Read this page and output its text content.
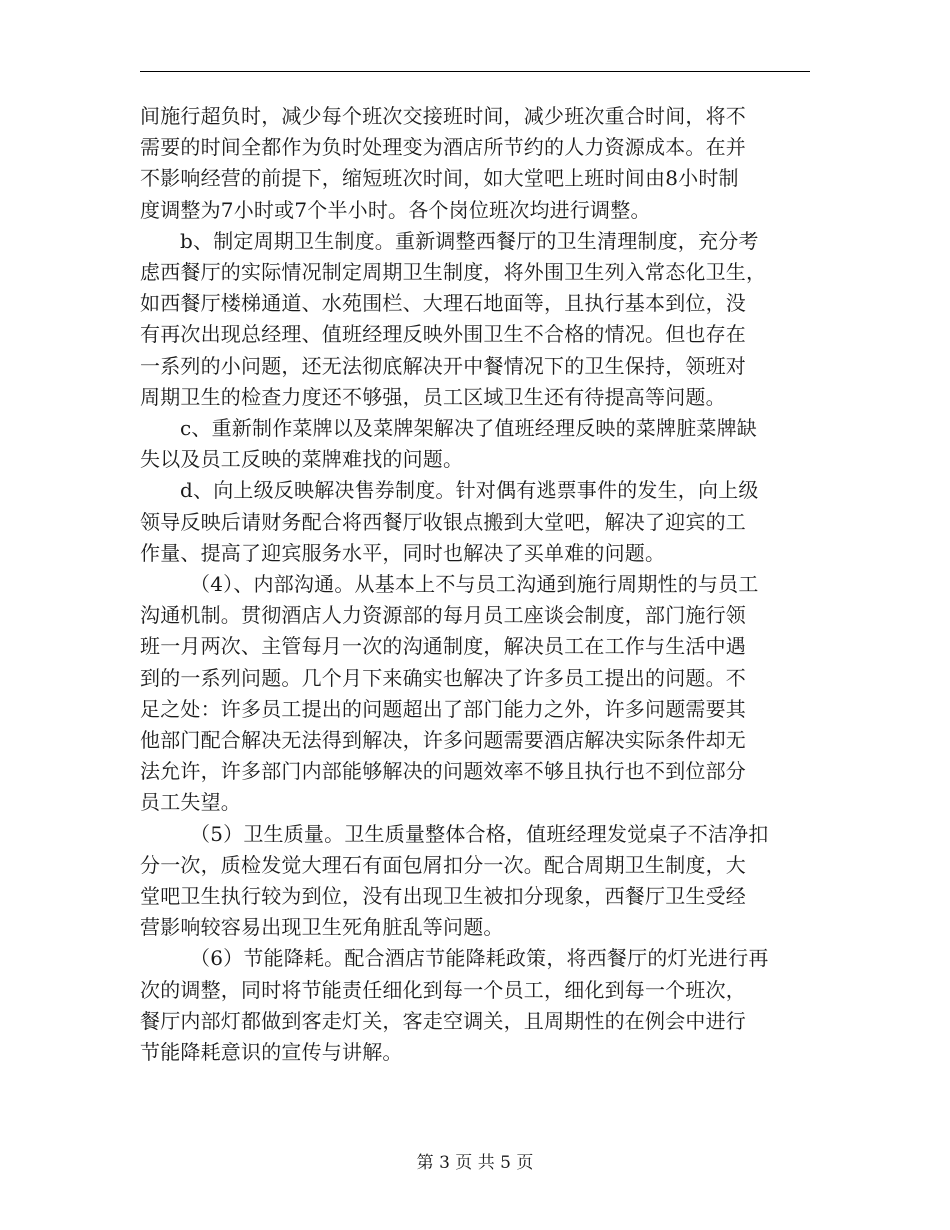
间施行超负时，减少每个班次交接班时间，减少班次重合时间，将不
需要的时间全都作为负时处理变为酒店所节约的人力资源成本。在并
不影响经营的前提下，缩短班次时间，如大堂吧上班时间由8小时制
度调整为7小时或7个半小时。各个岗位班次均进行调整。

b、制定周期卫生制度。重新调整西餐厅的卫生清理制度，充分考
虑西餐厅的实际情况制定周期卫生制度，将外围卫生列入常态化卫生，
如西餐厅楼梯通道、水苑围栏、大理石地面等，且执行基本到位，没
有再次出现总经理、值班经理反映外围卫生不合格的情况。但也存在
一系列的小问题，还无法彻底解决开中餐情况下的卫生保持，领班对
周期卫生的检查力度还不够强，员工区域卫生还有待提高等问题。

c、重新制作菜牌以及菜牌架解决了值班经理反映的菜牌脏菜牌缺
失以及员工反映的菜牌难找的问题。

d、向上级反映解决售券制度。针对偶有逃票事件的发生，向上级
领导反映后请财务配合将西餐厅收银点搬到大堂吧，解决了迎宾的工
作量、提高了迎宾服务水平，同时也解决了买单难的问题。

（4）、内部沟通。从基本上不与员工沟通到施行周期性的与员工
沟通机制。贯彻酒店人力资源部的每月员工座谈会制度，部门施行领
班一月两次、主管每月一次的沟通制度，解决员工在工作与生活中遇
到的一系列问题。几个月下来确实也解决了许多员工提出的问题。不
足之处：许多员工提出的问题超出了部门能力之外，许多问题需要其
他部门配合解决无法得到解决，许多问题需要酒店解决实际条件却无
法允许，许多部门内部能够解决的问题效率不够且执行也不到位部分
员工失望。

（5）卫生质量。卫生质量整体合格，值班经理发觉桌子不洁净扣
分一次，质检发觉大理石有面包屑扣分一次。配合周期卫生制度，大
堂吧卫生执行较为到位，没有出现卫生被扣分现象，西餐厅卫生受经
营影响较容易出现卫生死角脏乱等问题。

（6）节能降耗。配合酒店节能降耗政策，将西餐厅的灯光进行再
次的调整，同时将节能责任细化到每一个员工，细化到每一个班次，
餐厅内部灯都做到客走灯关，客走空调关，且周期性的在例会中进行
节能降耗意识的宣传与讲解。

第 3 页 共 5 页
